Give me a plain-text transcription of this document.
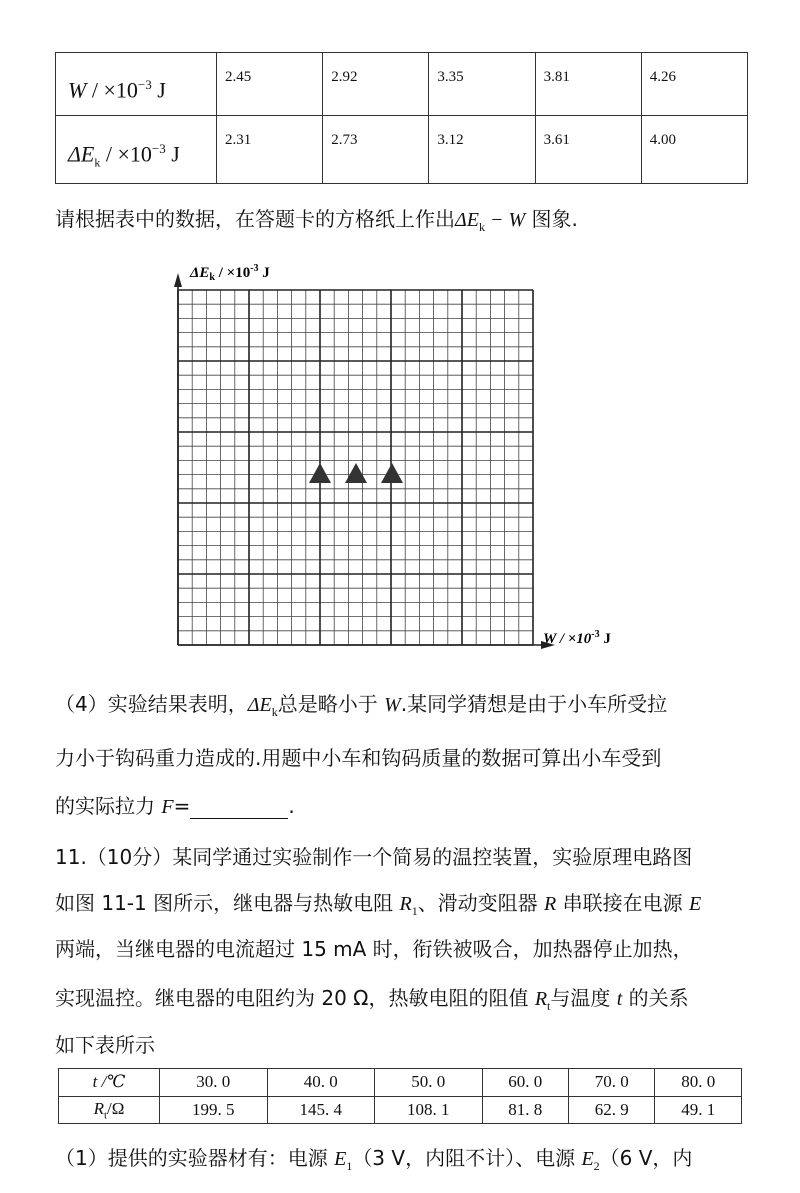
$W / \times 10^{-3}$ J	2.45	2.92	3.35	3.81	4.26
$\Delta E_k / \times 10^{-3}$ J	2.31	2.73	3.12	3.61	4.00
请根据表中的数据，在答题卡的方格纸上作出$\Delta E_k - W$ 图象.
$\Delta E_k / \times 10^{-3}$ J
$W / \times 10^{-3}$ J
（4）实验结果表明，$\Delta E_k$总是略小于 W.某同学猜想是由于小车所受拉
力小于钩码重力造成的.用题中小车和钩码质量的数据可算出小车受到
的实际拉力 F=	.
11.（10分）某同学通过实验制作一个简易的温控装置，实验原理电路图
如图 11-1 图所示，继电器与热敏电阻 $R_1$、滑动变阻器 R 串联接在电源 E
两端，当继电器的电流超过 15 mA 时，衔铁被吸合，加热器停止加热，
实现温控。继电器的电阻约为 20 Ω，热敏电阻的阻值 $R_t$与温度 t 的关系
如下表所示
t /℃	30. 0	40. 0	50. 0	60. 0	70. 0	80. 0
$R_t/\Omega$	199. 5	145. 4	108. 1	81. 8	62. 9	49. 1
（1）提供的实验器材有：电源 $E_1(3$ V，内阻不计）、电源 $E_2(6$ V，内
